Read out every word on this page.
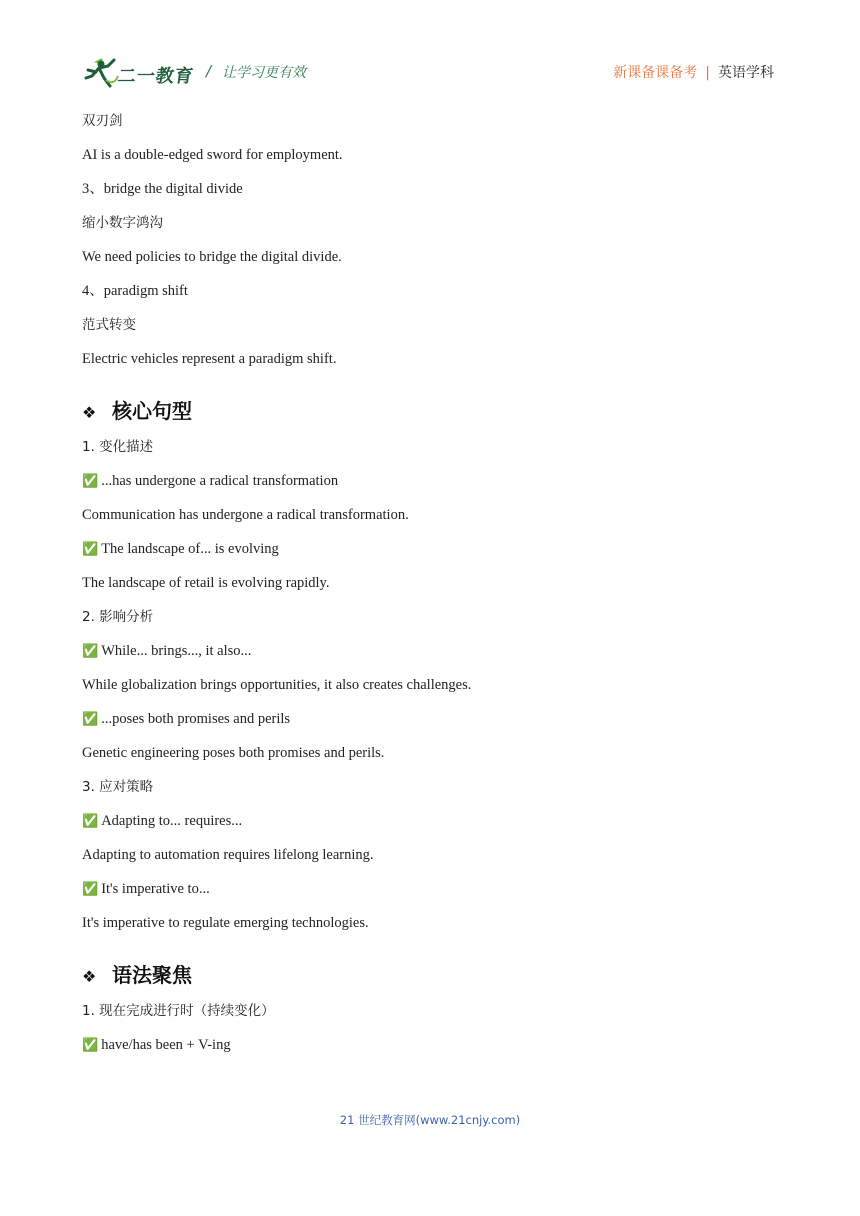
二一教育 / 让学习更有效	新课备课备考 | 英语学科

双刃剑

AI is a double-edged sword for employment.

3、bridge the digital divide

缩小数字鸿沟

We need policies to bridge the digital divide.

4、paradigm shift

范式转变

Electric vehicles represent a paradigm shift.

❖ 核心句型

1. 变化描述

✅ ...has undergone a radical transformation

Communication has undergone a radical transformation.

✅ The landscape of... is evolving

The landscape of retail is evolving rapidly.

2. 影响分析

✅ While... brings..., it also...

While globalization brings opportunities, it also creates challenges.

✅ ...poses both promises and perils

Genetic engineering poses both promises and perils.

3. 应对策略

✅ Adapting to... requires...

Adapting to automation requires lifelong learning.

✅ It's imperative to...

It's imperative to regulate emerging technologies.

❖ 语法聚焦

1. 现在完成进行时（持续变化）

✅ have/has been + V-ing

21 世纪教育网(www.21cnjy.com)
